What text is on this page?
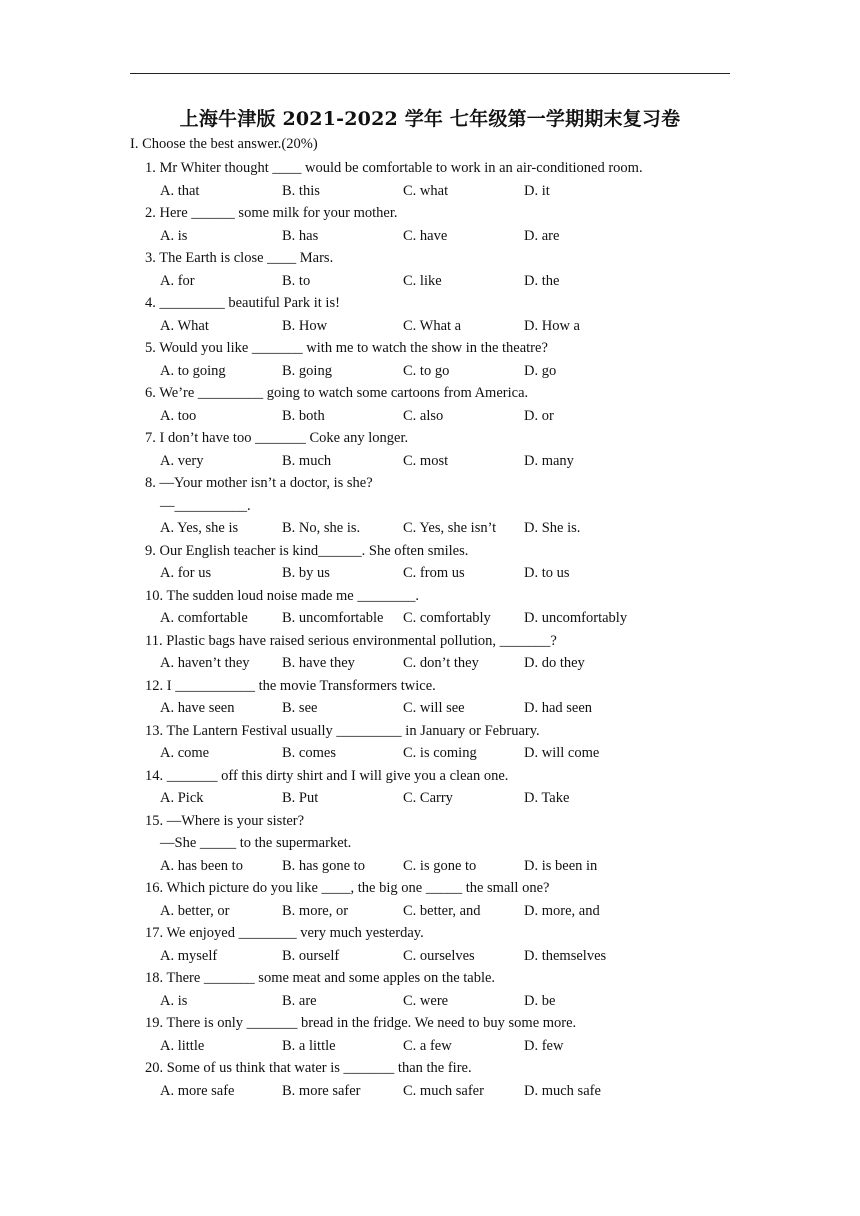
上海牛津版 2021-2022 学年 七年级第一学期期末复习卷
I. Choose the best answer.(20%)
1. Mr Whiter thought ____ would be comfortable to work in an air-conditioned room.
A. that	B. this	C. what	D. it
2. Here ______ some milk for your mother.
A. is	B. has	C. have	D. are
3. The Earth is close ____ Mars.
A. for	B. to	C. like	D. the
4. _________ beautiful Park it is!
A. What	B. How	C. What a	D. How a
5. Would you like _______ with me to watch the show in the theatre?
A. to going	B. going	C. to go	D. go
6. We’re _________ going to watch some cartoons from America.
A. too	B. both	C. also	D. or
7. I don’t have too _______ Coke any longer.
A. very	B. much	C. most	D. many
8. —Your mother isn’t a doctor, is she?
—__________.
A. Yes, she is	B. No, she is.	C. Yes, she isn’t D. She is.
9. Our English teacher is kind______. She often smiles.
A. for us	B. by us	C. from us	D. to us
10. The sudden loud noise made me ________.
A. comfortable B. uncomfortable C. comfortably D. uncomfortably
11. Plastic bags have raised serious environmental pollution, _______?
A. haven’t they B. have they	C. don’t they	D. do they
12. I ___________ the movie Transformers twice.
A. have seen	B. see	C. will see	D. had seen
13. The Lantern Festival usually _________ in January or February.
A. come	B. comes	C. is coming	D. will come
14. _______ off this dirty shirt and I will give you a clean one.
A. Pick	B. Put	C. Carry	D. Take
15. —Where is your sister?
—She _____ to the supermarket.
A. has been to	B. has gone to	C. is gone to	D. is been in
16. Which picture do you like ____, the big one _____ the small one?
A. better, or	B. more, or	C. better, and	D. more, and
17. We enjoyed ________ very much yesterday.
A. myself	B. ourself	C. ourselves	D. themselves
18. There _______ some meat and some apples on the table.
A. is	B. are	C. were	D. be
19. There is only _______ bread in the fridge. We need to buy some more.
A. little	B. a little	C. a few	D. few
20. Some of us think that water is _______ than the fire.
A. more safe	B. more safer	C. much safer	D. much safe
